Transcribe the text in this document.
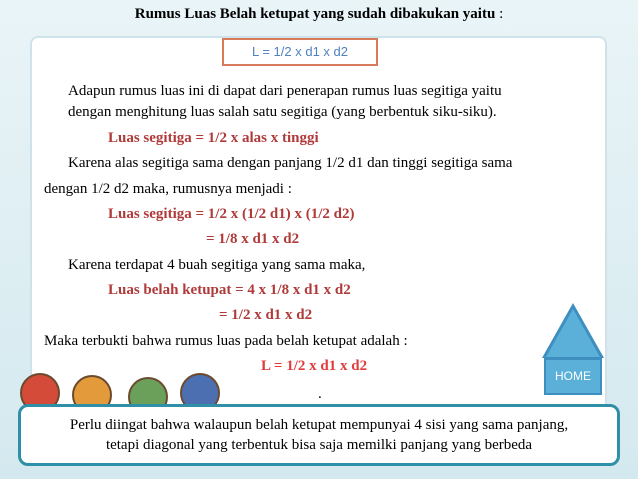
Rumus Luas Belah ketupat yang sudah dibakukan yaitu :
L = 1/2 x d1 x d2
Adapun rumus luas ini di dapat dari penerapan rumus luas segitiga yaitu
dengan menghitung luas salah satu segitiga (yang berbentuk siku-siku).
Luas segitiga = 1/2 x alas x tinggi
Karena alas segitiga sama dengan panjang 1/2 d1 dan tinggi segitiga sama
dengan 1/2 d2 maka, rumusnya menjadi :
Luas segitiga = 1/2 x (1/2 d1) x (1/2 d2)
= 1/8 x d1 x d2
Karena terdapat 4 buah segitiga yang sama maka,
Luas belah ketupat = 4 x 1/8 x d1 x d2
= 1/2 x d1 x d2
Maka terbukti bahwa rumus luas pada belah ketupat adalah :
L = 1/2 x d1 x d2
.
HOME
Perlu diingat bahwa walaupun belah ketupat mempunyai 4 sisi yang sama panjang,
tetapi diagonal yang terbentuk bisa saja memilki panjang yang berbeda
